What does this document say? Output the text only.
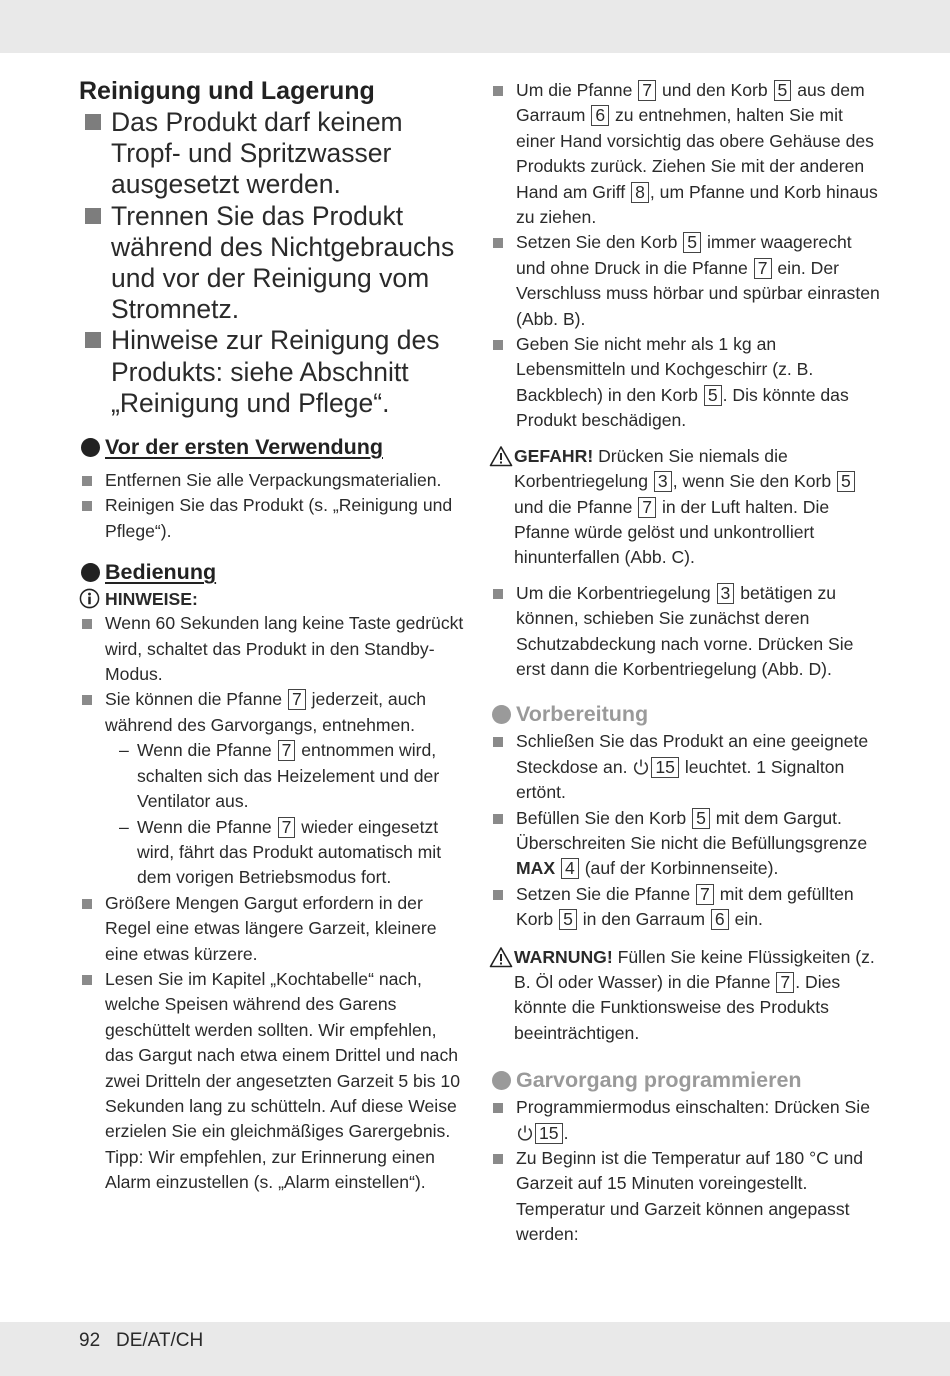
Reinigung und Lagerung
Das Produkt darf keinem Tropf- und Spritzwasser ausgesetzt werden.
Trennen Sie das Produkt während des Nichtgebrauchs und vor der Reinigung vom Stromnetz.
Hinweise zur Reinigung des Produkts: siehe Abschnitt „Reinigung und Pflege“.
Vor der ersten Verwendung
Entfernen Sie alle Verpackungsmaterialien.
Reinigen Sie das Produkt (s. „Reinigung und Pflege“).
Bedienung
HINWEISE:
Wenn 60 Sekunden lang keine Taste gedrückt wird, schaltet das Produkt in den Standby-Modus.
Sie können die Pfanne 7 jederzeit, auch während des Garvorgangs, entnehmen.
– Wenn die Pfanne 7 entnommen wird, schalten sich das Heizelement und der Ventilator aus.
– Wenn die Pfanne 7 wieder eingesetzt wird, fährt das Produkt automatisch mit dem vorigen Betriebsmodus fort.
Größere Mengen Gargut erfordern in der Regel eine etwas längere Garzeit, kleinere eine etwas kürzere.
Lesen Sie im Kapitel „Kochtabelle“ nach, welche Speisen während des Garens geschüttelt werden sollten. Wir empfehlen, das Gargut nach etwa einem Drittel und nach zwei Dritteln der angesetzten Garzeit 5 bis 10 Sekunden lang zu schütteln. Auf diese Weise erzielen Sie ein gleichmäßiges Garergebnis. Tipp: Wir empfehlen, zur Erinnerung einen Alarm einzustellen (s. „Alarm einstellen“).
Um die Pfanne 7 und den Korb 5 aus dem Garraum 6 zu entnehmen, halten Sie mit einer Hand vorsichtig das obere Gehäuse des Produkts zurück. Ziehen Sie mit der anderen Hand am Griff 8 , um Pfanne und Korb hinaus zu ziehen.
Setzen Sie den Korb 5 immer waagerecht und ohne Druck in die Pfanne 7 ein. Der Verschluss muss hörbar und spürbar einrasten (Abb. B).
Geben Sie nicht mehr als 1 kg an Lebensmitteln und Kochgeschirr (z. B. Backblech) in den Korb 5 . Dis könnte das Produkt beschädigen.
GEFAHR! Drücken Sie niemals die Korbentriegelung 3 , wenn Sie den Korb 5 und die Pfanne 7 in der Luft halten. Die Pfanne würde gelöst und unkontrolliert hinunterfallen (Abb. C).
Um die Korbentriegelung 3 betätigen zu können, schieben Sie zunächst deren Schutzabdeckung nach vorne. Drücken Sie erst dann die Korbentriegelung (Abb. D).
Vorbereitung
Schließen Sie das Produkt an eine geeignete Steckdose an. 15 leuchtet. 1 Signalton ertönt.
Befüllen Sie den Korb 5 mit dem Gargut. Überschreiten Sie nicht die Befüllungsgrenze MAX 4 (auf der Korbinnenseite).
Setzen Sie die Pfanne 7 mit dem gefüllten Korb 5 in den Garraum 6 ein.
WARNUNG! Füllen Sie keine Flüssigkeiten (z. B. Öl oder Wasser) in die Pfanne 7 . Dies könnte die Funktionsweise des Produkts beeinträchtigen.
Garvorgang programmieren
Programmiermodus einschalten: Drücken Sie 15 .
Zu Beginn ist die Temperatur auf 180 °C und Garzeit auf 15 Minuten voreingestellt. Temperatur und Garzeit können angepasst werden:
92 DE/AT/CH
